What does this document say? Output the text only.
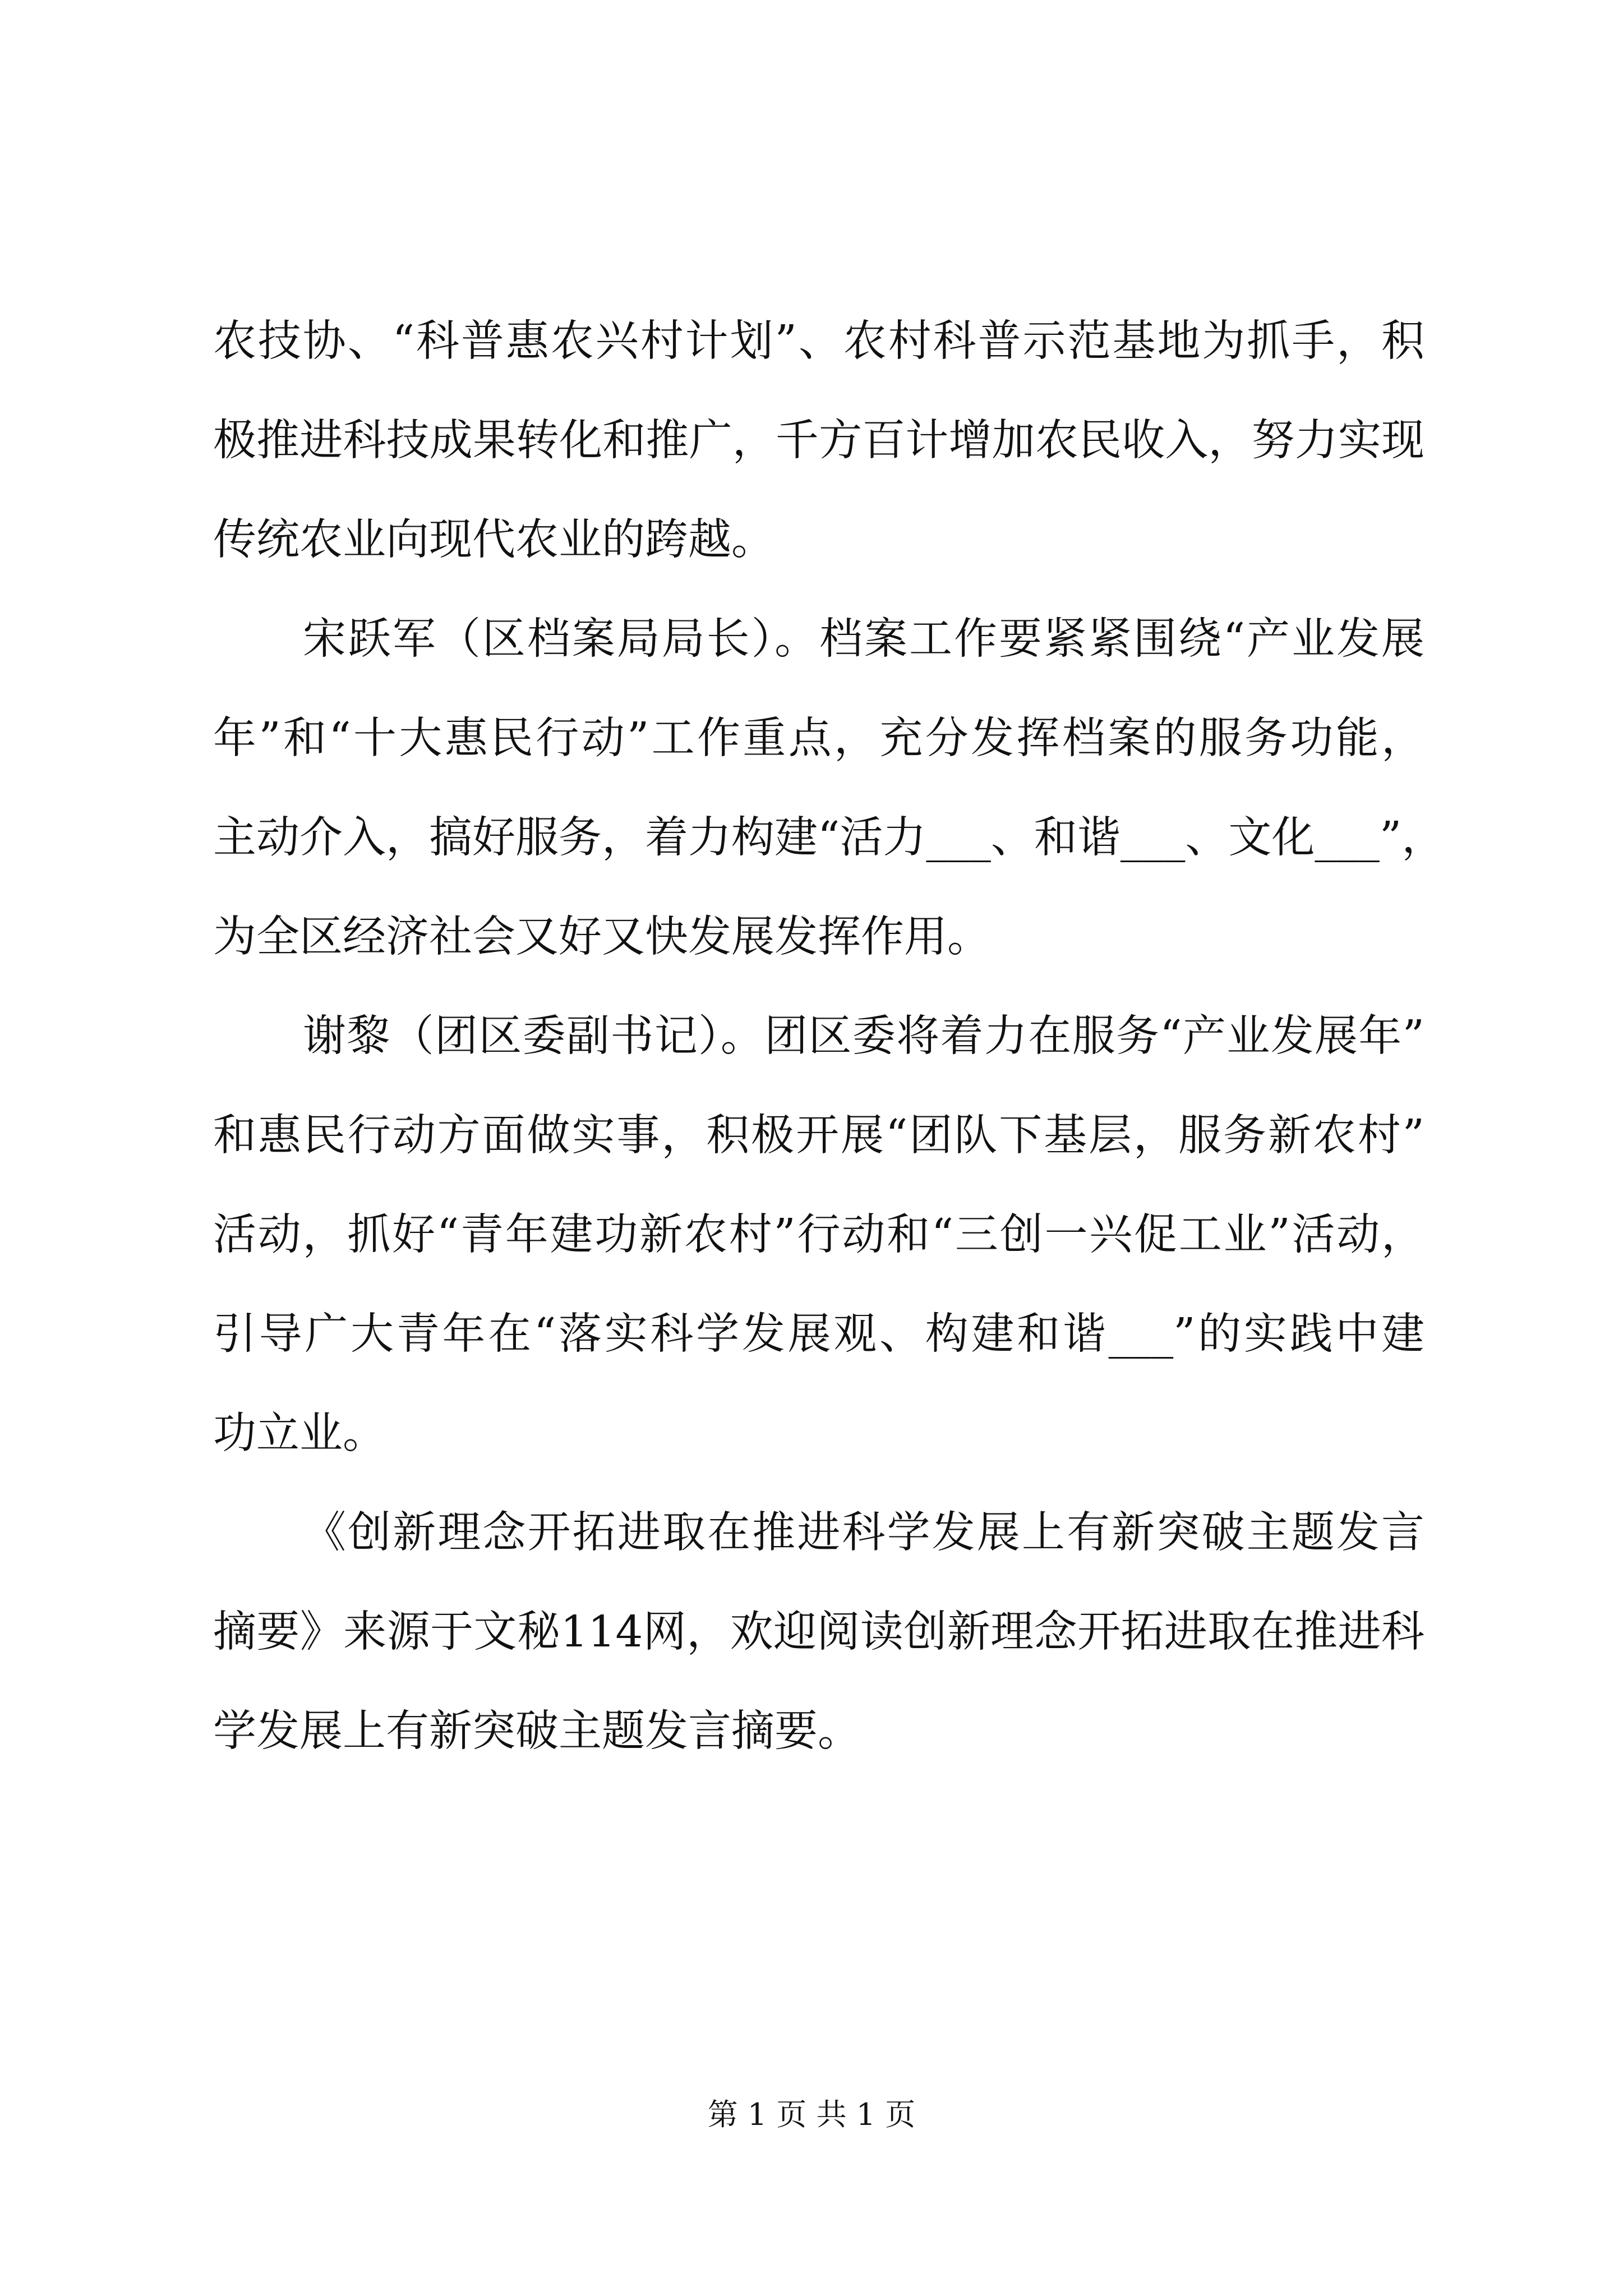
农技协、“科普惠农兴村计划”、农村科普示范基地为抓手，积
极推进科技成果转化和推广，千方百计增加农民收入，努力实现
传统农业向现代农业的跨越。
宋跃军（区档案局局长）。档案工作要紧紧围绕“产业发展
年”和“十大惠民行动”工作重点，充分发挥档案的服务功能，
主动介入，搞好服务，着力构建“活力___、和谐___、文化___”，
为全区经济社会又好又快发展发挥作用。
谢黎（团区委副书记）。团区委将着力在服务“产业发展年”
和惠民行动方面做实事，积极开展“团队下基层，服务新农村”
活动，抓好“青年建功新农村”行动和“三创一兴促工业”活动，
引导广大青年在“落实科学发展观、构建和谐___”的实践中建
功立业。
《创新理念开拓进取在推进科学发展上有新突破主题发言
摘要》来源于文秘114网，欢迎阅读创新理念开拓进取在推进科
学发展上有新突破主题发言摘要。
第 1 页 共 1 页
